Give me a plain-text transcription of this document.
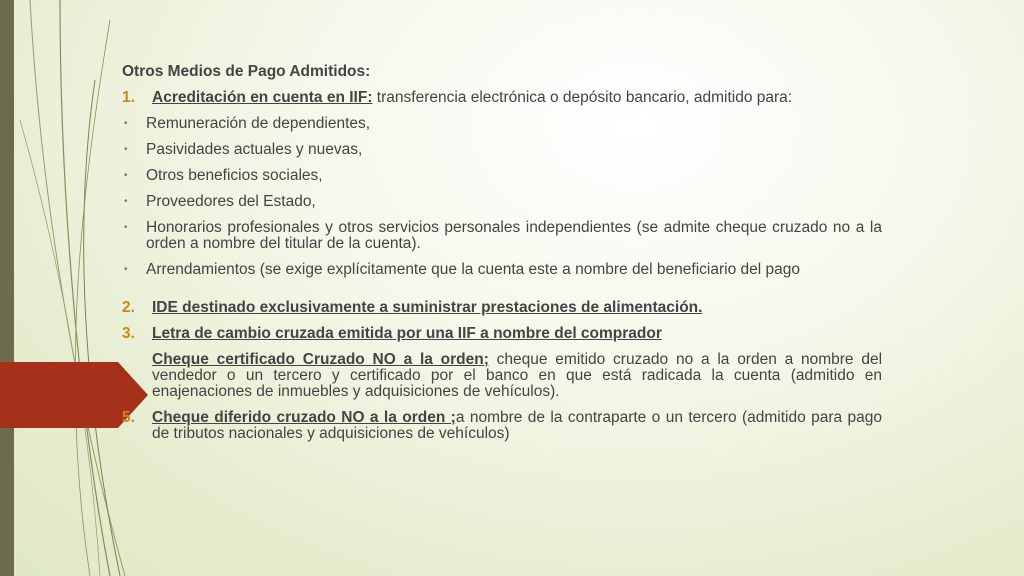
Otros Medios de Pago Admitidos:
1. Acreditación en cuenta en IIF: transferencia electrónica o depósito bancario, admitido para:
• Remuneración de dependientes,
• Pasividades actuales y nuevas,
• Otros beneficios sociales,
• Proveedores del Estado,
• Honorarios profesionales y otros servicios personales independientes (se admite cheque cruzado no a la orden a nombre del titular de la cuenta).
• Arrendamientos (se exige explícitamente que la cuenta este a nombre del beneficiario del pago
2. IDE destinado exclusivamente a suministrar prestaciones de alimentación.
3. Letra de cambio cruzada emitida por una IIF a nombre del comprador
Cheque certificado Cruzado NO a la orden; cheque emitido cruzado no a la orden a nombre del vendedor o un tercero y certificado por el banco en que está radicada la cuenta (admitido en enajenaciones de inmuebles y adquisiciones de vehículos).
5. Cheque diferido cruzado NO a la orden ;a nombre de la contraparte o un tercero (admitido para pago de tributos nacionales y adquisiciones de vehículos)
